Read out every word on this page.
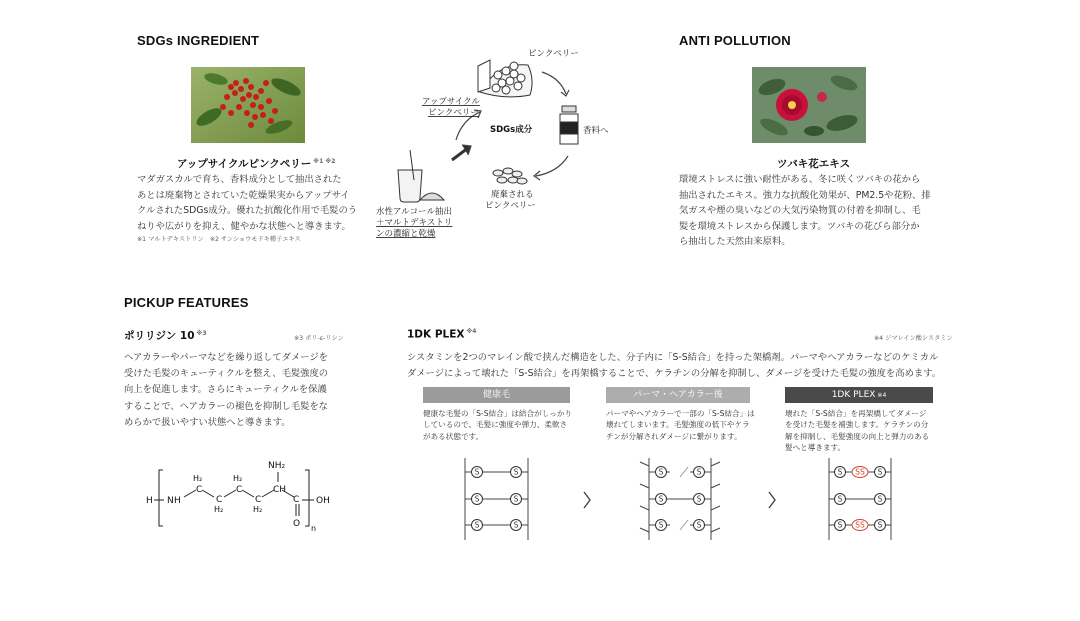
SDGs INGREDIENT
アップサイクルピンクペリー $^{※1 ※2}$
マダガスカルで育ち、香料成分として抽出された
あとは廃棄物とされていた乾燥果実からアップサイ
クルされたSDGs成分。優れた抗酸化作用で毛髪のう
ねりや広がりを抑え、健やかな状態へと導きます。
※1 マルトデキストリン　※2 サンショウモドキ種子エキス
ピンクペリー
SDGs成分	香料へ
廃棄される
ピンクペリー
水性アルコール抽出
＋マルトデキストリ
ンの濃縮と乾燥
アップサイクル
ピンクペリー
ANTI POLLUTION
ツバキ花エキス
環境ストレスに強い耐性がある、冬に咲くツバキの花から
抽出されたエキス。強力な抗酸化効果が、PM2.5や花粉、排
気ガスや煙の臭いなどの大気汚染物質の付着を抑制し、毛
髪を環境ストレスから保護します。ツバキの花びら部分か
ら抽出した天然由来原料。
PICKUP FEATURES
ポリリジン 10 $^{※3}$
※3 ポリ-ε-リシン
ヘアカラーやパーマなどを繰り返してダメージを
受けた毛髪のキューティクルを整え、毛髪強度の
向上を促進します。さらにキューティクルを保護
することで、ヘアカラーの褪色を抑制し毛髪をな
めらかで扱いやすい状態へと導きます。
H N H
H₂
C
H₂
C
H₂
C
H₂
C
NH₂
CH
C
O
OH
n
1DK PLEX $^{※4}$
※4 ジマレイン酸シスタミン
シスタミンを2つのマレイン酸で挟んだ構造をした、分子内に「S-S結合」を持った架橋剤。パーマやヘアカラーなどのケミカル
ダメージによって壊れた「S-S結合」を再架橋することで、ケラチンの分解を抑制し、ダメージを受けた毛髪の強度を高めます。
健康毛
健康な毛髪の「S-S結合」は結合がしっかり
しているので、毛髪に強度や弾力、柔軟さ
がある状態です。
パーマ・ヘアカラー後
パーマやヘアカラーで一部の「S-S結合」は
壊れてしまいます。毛髪強度の低下やケラ
チンが分解されダメージに繋がります。
1DK PLEX ※4
壊れた「S-S結合」を再架橋してダメージ
を受けた毛髪を補強します。ケラチンの分
解を抑制し、毛髪強度の向上と弾力のある
髪へと導きます。
S	S
S	S
S	S
S	S
S	S
S	S
S SS S
S	S
S SS S
